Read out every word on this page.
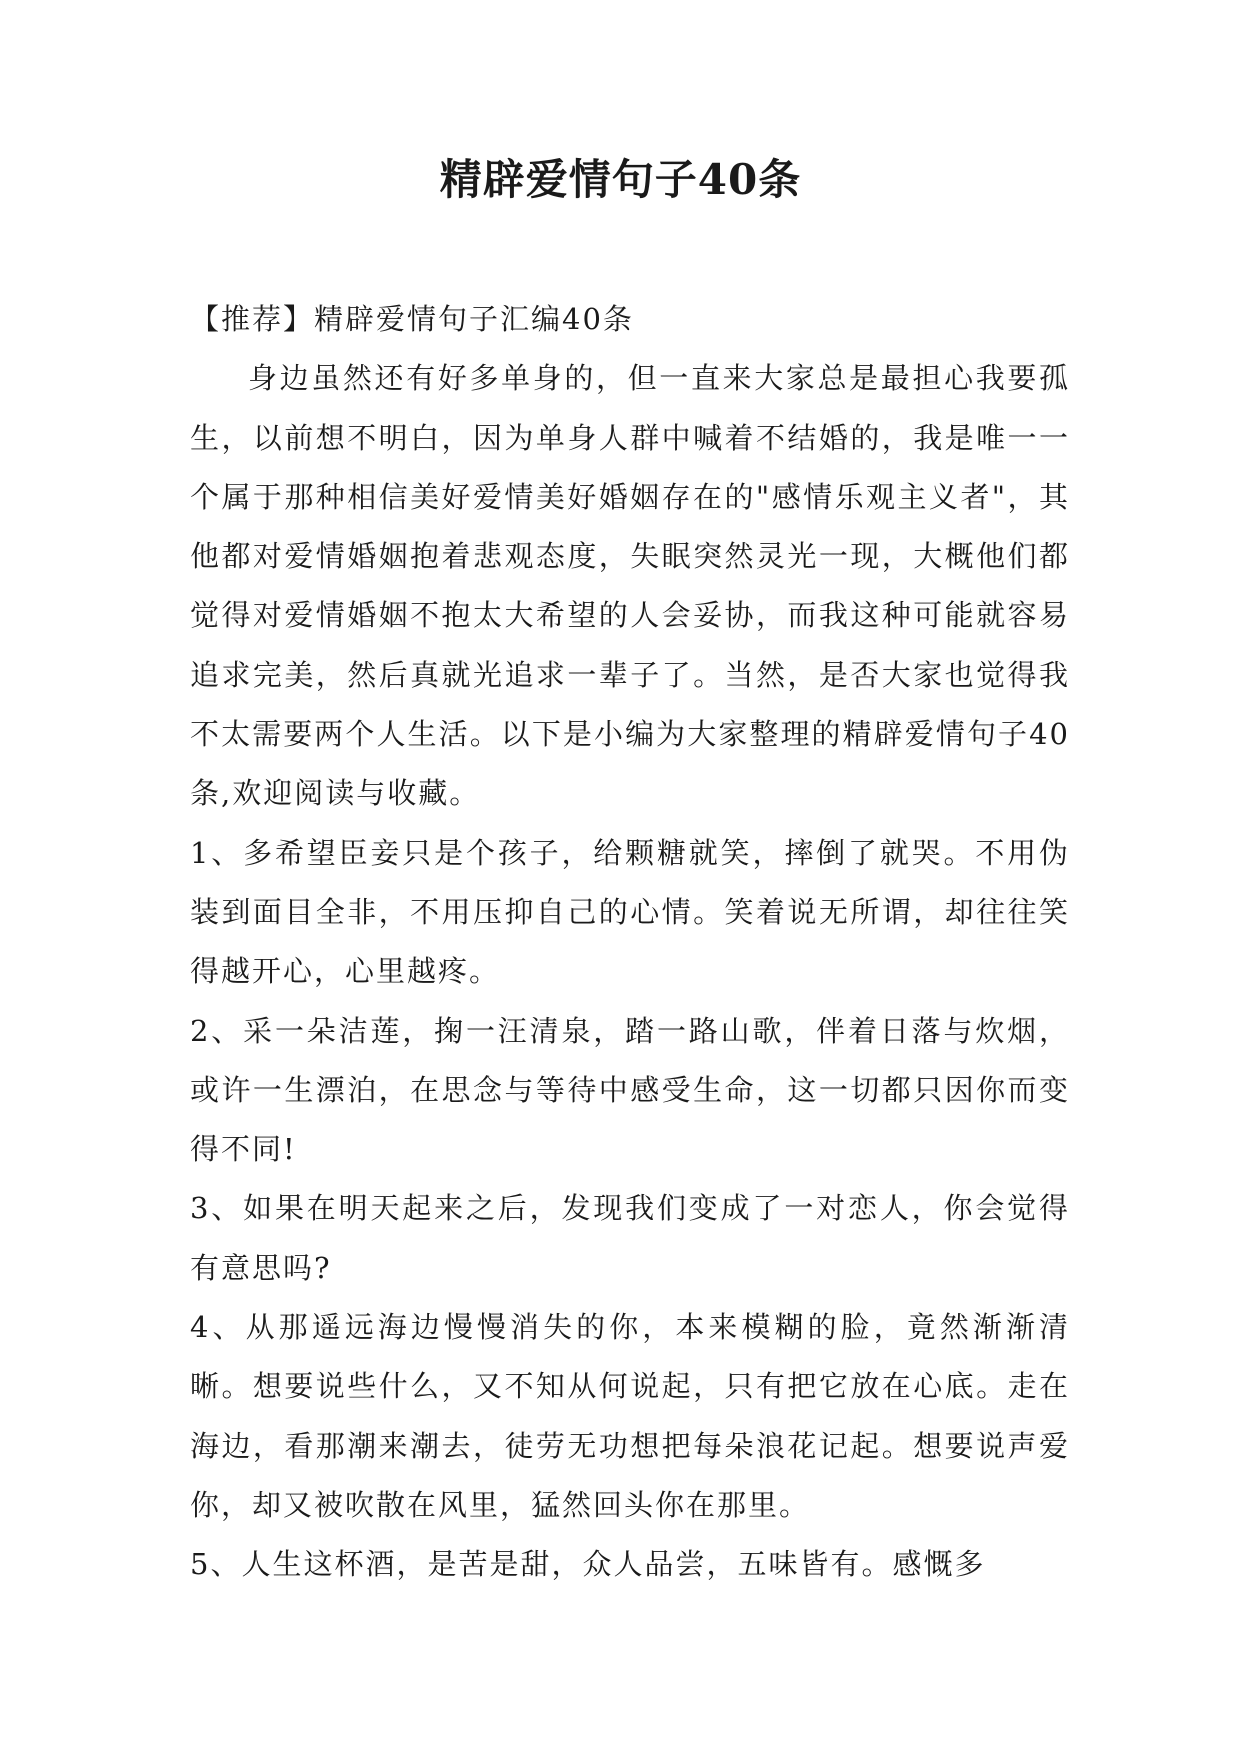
精辟爱情句子40条

【推荐】精辟爱情句子汇编40条

身边虽然还有好多单身的，但一直来大家总是最担心我要孤生，以前想不明白，因为单身人群中喊着不结婚的，我是唯一一个属于那种相信美好爱情美好婚姻存在的"感情乐观主义者"，其他都对爱情婚姻抱着悲观态度，失眠突然灵光一现，大概他们都觉得对爱情婚姻不抱太大希望的人会妥协，而我这种可能就容易追求完美，然后真就光追求一辈子了。当然，是否大家也觉得我不太需要两个人生活。以下是小编为大家整理的精辟爱情句子40条,欢迎阅读与收藏。

1、多希望臣妾只是个孩子，给颗糖就笑，摔倒了就哭。不用伪装到面目全非，不用压抑自己的心情。笑着说无所谓，却往往笑得越开心，心里越疼。

2、采一朵洁莲，掬一汪清泉，踏一路山歌，伴着日落与炊烟，或许一生漂泊，在思念与等待中感受生命，这一切都只因你而变得不同!

3、如果在明天起来之后，发现我们变成了一对恋人，你会觉得有意思吗?

4、从那遥远海边慢慢消失的你，本来模糊的脸，竟然渐渐清晰。想要说些什么，又不知从何说起，只有把它放在心底。走在海边，看那潮来潮去，徒劳无功想把每朵浪花记起。想要说声爱你，却又被吹散在风里，猛然回头你在那里。

5、人生这杯酒，是苦是甜，众人品尝，五味皆有。感慨多
